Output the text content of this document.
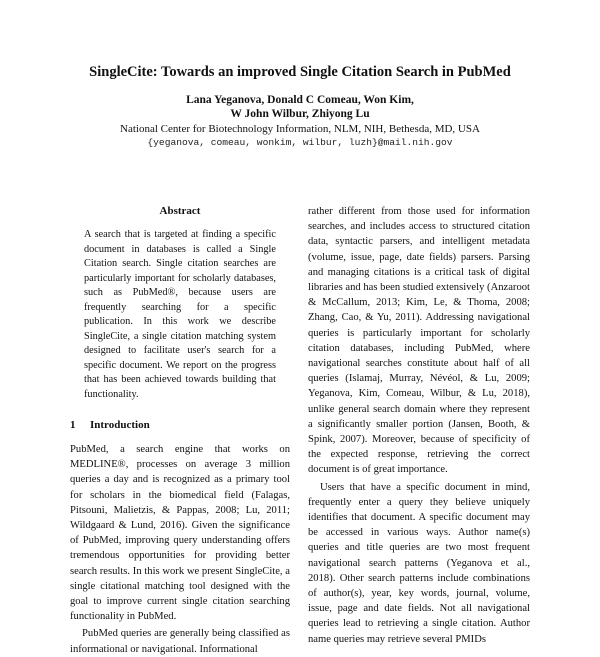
SingleCite: Towards an improved Single Citation Search in PubMed
Lana Yeganova, Donald C Comeau, Won Kim,
W John Wilbur, Zhiyong Lu
National Center for Biotechnology Information, NLM, NIH, Bethesda, MD, USA
{yeganova, comeau, wonkim, wilbur, luzh}@mail.nih.gov
Abstract

A search that is targeted at finding a specific document in databases is called a Single Citation search. Single citation searches are particularly important for scholarly databases, such as PubMed®, because users are frequently searching for a specific publication. In this work we describe SingleCite, a single citation matching system designed to facilitate user's search for a specific document. We report on the progress that has been achieved towards building that functionality.

1 Introduction

PubMed, a search engine that works on MEDLINE®, processes on average 3 million queries a day and is recognized as a primary tool for scholars in the biomedical field (Falagas, Pitsouni, Malietzis, & Pappas, 2008; Lu, 2011; Wildgaard & Lund, 2016). Given the significance of PubMed, improving query understanding offers tremendous opportunities for providing better search results. In this work we present SingleCite, a single citational matching tool designed with the goal to improve current single citation searching functionality in PubMed.

PubMed queries are generally being classified as informational or navigational. Informational

rather different from those used for information searches, and includes access to structured citation data, syntactic parsers, and intelligent metadata (volume, issue, page, date fields) parsers. Parsing and managing citations is a critical task of digital libraries and has been studied extensively (Anzaroot & McCallum, 2013; Kim, Le, & Thoma, 2008; Zhang, Cao, & Yu, 2011). Addressing navigational queries is particularly important for scholarly citation databases, including PubMed, where navigational searches constitute about half of all queries (Islamaj, Murray, Névéol, & Lu, 2009; Yeganova, Kim, Comeau, Wilbur, & Lu, 2018), unlike general search domain where they represent a significantly smaller portion (Jansen, Booth, & Spink, 2007). Moreover, because of specificity of the expected response, retrieving the correct document is of great importance.

Users that have a specific document in mind, frequently enter a query they believe uniquely identifies that document. A specific document may be accessed in various ways. Author name(s) queries and title queries are two most frequent navigational search patterns (Yeganova et al., 2018). Other search patterns include combinations of author(s), year, key words, journal, volume, issue, page and date fields. Not all navigational queries lead to retrieving a single citation. Author name queries may retrieve several PMIDs
